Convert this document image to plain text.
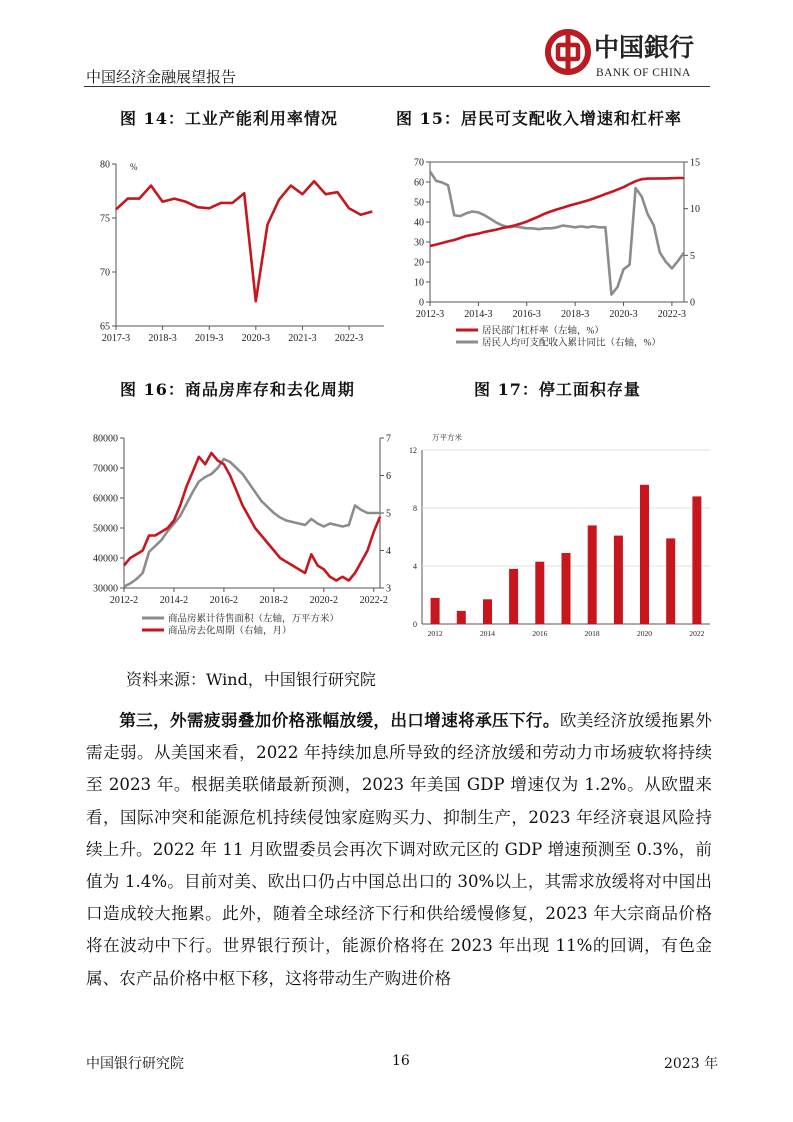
中国经济金融展望报告
中国銀行
BANK OF CHINA
图 14：工业产能利用率情况	图 15：居民可支配收入增速和杠杆率
图 16：商品房库存和去化周期	图 17：停工面积存量
65
70
75
80
2017-3 2018-3 2019-3 2020-3 2021-3 2022-3
%
0
10
20
30
40
50
60
70
0
5
10
15
2012-3 2014-3 2016-3 2018-3 2020-3 2022-3
居民部门杠杆率（左轴，%）
居民人均可支配收入累计同比（右轴，%）
30000
40000
50000
60000
70000
80000
3
4
5
6
7
2012-2 2014-2 2016-2 2018-2 2020-2 2022-2
商品房累计待售面积（左轴，万平方米）
商品房去化周期（右轴，月）
0
4
8
12
万平方米
2012	2014	2016	2018	2020	2022
资料来源：Wind，中国银行研究院

第三，外需疲弱叠加价格涨幅放缓，出口增速将承压下行。欧美经济放缓拖累外需走弱。从美国来看，2022 年持续加息所导致的经济放缓和劳动力市场疲软将持续至 2023 年。根据美联储最新预测，2023 年美国 GDP 增速仅为 1.2%。从欧盟来看，国际冲突和能源危机持续侵蚀家庭购买力、抑制生产，2023 年经济衰退风险持续上升。2022 年 11 月欧盟委员会再次下调对欧元区的 GDP 增速预测至 0.3%，前值为 1.4%。目前对美、欧出口仍占中国总出口的 30%以上，其需求放缓将对中国出口造成较大拖累。此外，随着全球经济下行和供给缓慢修复，2023 年大宗商品价格将在波动中下行。世界银行预计，能源价格将在 2023 年出现 11%的回调，有色金属、农产品价格中枢下移，这将带动生产购进价格

中国银行研究院	16	2023 年
